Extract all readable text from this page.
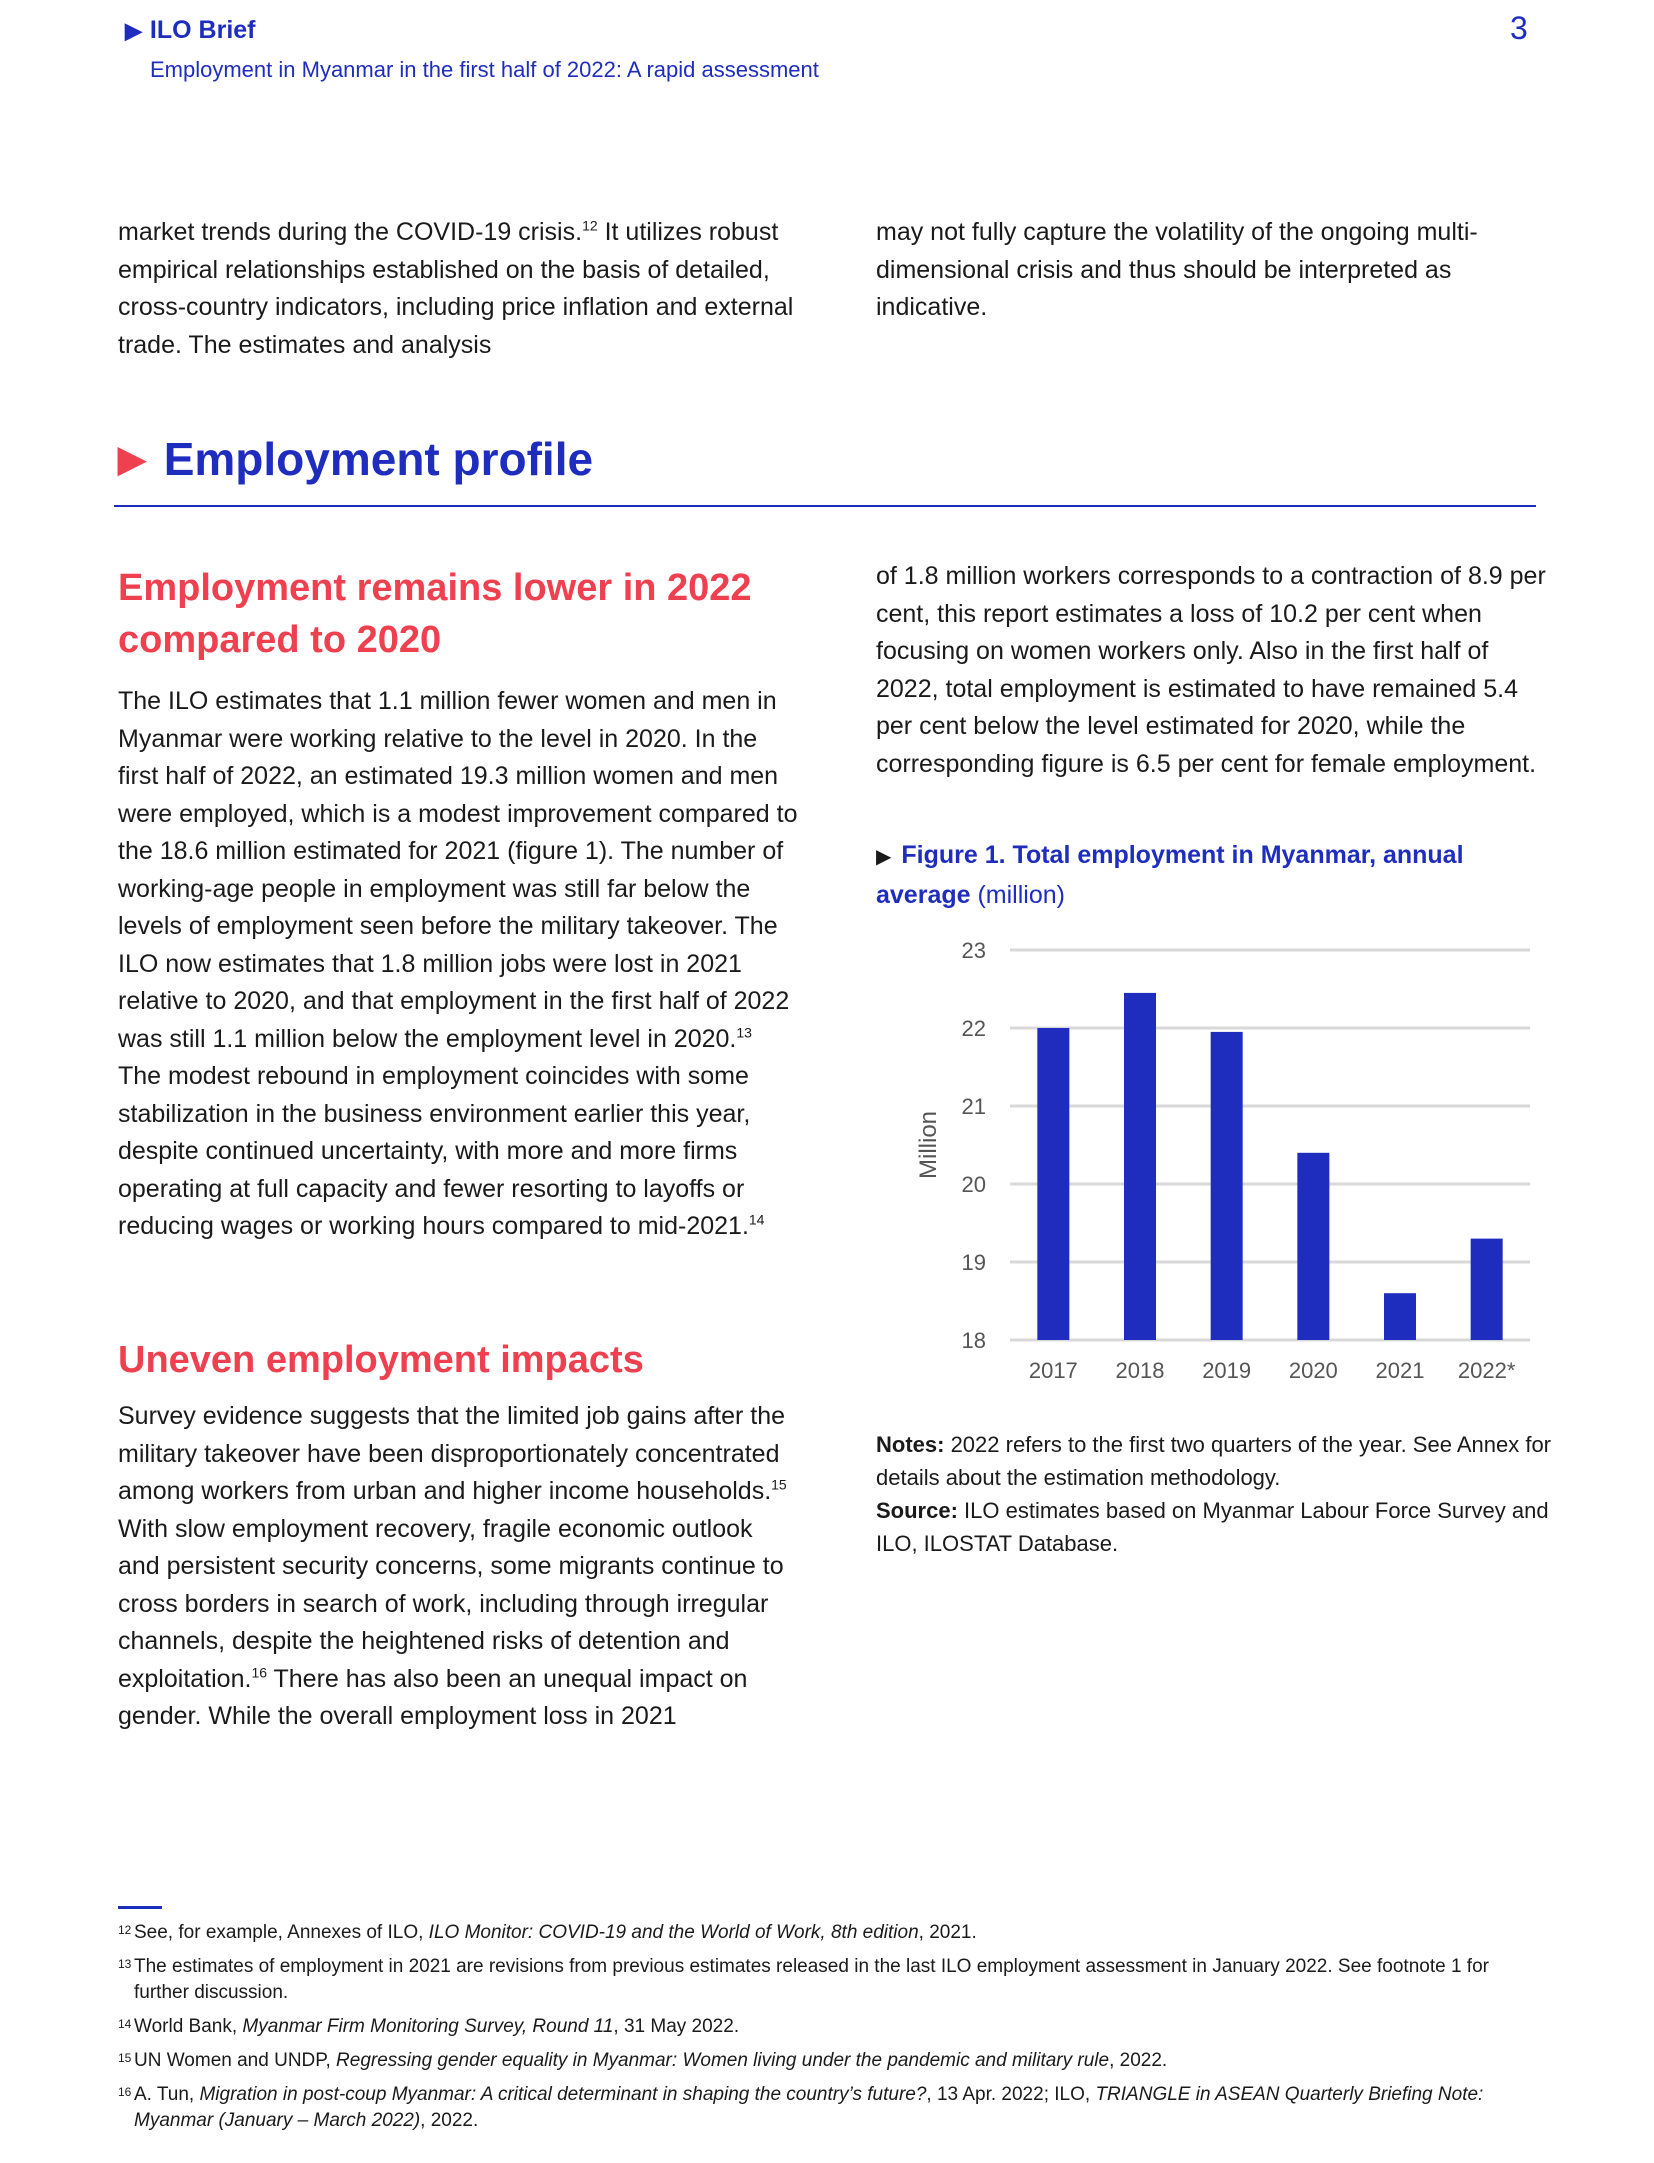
▶ ILO Brief
Employment in Myanmar in the first half of 2022: A rapid assessment
3
market trends during the COVID-19 crisis.$^{12}$ It utilizes robust empirical relationships established on the basis of detailed, cross-country indicators, including price inflation and external trade. The estimates and analysis
may not fully capture the volatility of the ongoing multi-dimensional crisis and thus should be interpreted as indicative.
▶ Employment profile
Employment remains lower in 2022 compared to 2020
The ILO estimates that 1.1 million fewer women and men in Myanmar were working relative to the level in 2020. In the first half of 2022, an estimated 19.3 million women and men were employed, which is a modest improvement compared to the 18.6 million estimated for 2021 (figure 1). The number of working-age people in employment was still far below the levels of employment seen before the military takeover. The ILO now estimates that 1.8 million jobs were lost in 2021 relative to 2020, and that employment in the first half of 2022 was still 1.1 million below the employment level in 2020.13 The modest rebound in employment coincides with some stabilization in the business environment earlier this year, despite continued uncertainty, with more and more firms operating at full capacity and fewer resorting to layoffs or reducing wages or working hours compared to mid-2021.14
Uneven employment impacts
Survey evidence suggests that the limited job gains after the military takeover have been disproportionately concentrated among workers from urban and higher income households.$^{15}$ With slow employment recovery, fragile economic outlook and persistent security concerns, some migrants continue to cross borders in search of work, including through irregular channels, despite the heightened risks of detention and exploitation.$^{16}$ There has also been an unequal impact on gender. While the overall employment loss in 2021
of 1.8 million workers corresponds to a contraction of 8.9 per cent, this report estimates a loss of 10.2 per cent when focusing on women workers only. Also in the first half of 2022, total employment is estimated to have remained 5.4 per cent below the level estimated for 2020, while the corresponding figure is 6.5 per cent for female employment.
▶ Figure 1. Total employment in Myanmar, annual average (million)
18
19
20
21
22
23
2017 2018 2019 2020 2021 2022*
Million
Notes: 2022 refers to the first two quarters of the year. See Annex for details about the estimation methodology.
Source: ILO estimates based on Myanmar Labour Force Survey and ILO, ILOSTAT Database.
12 See, for example, Annexes of ILO, ILO Monitor: COVID-19 and the World of Work, 8th edition, 2021.
13 The estimates of employment in 2021 are revisions from previous estimates released in the last ILO employment assessment in January 2022. See footnote 1 for further discussion.
14 World Bank, Myanmar Firm Monitoring Survey, Round 11, 31 May 2022.
15 UN Women and UNDP, Regressing gender equality in Myanmar: Women living under the pandemic and military rule, 2022.
16 A. Tun, Migration in post-coup Myanmar: A critical determinant in shaping the country’s future?, 13 Apr. 2022; ILO, TRIANGLE in ASEAN Quarterly Briefing Note: Myanmar (January – March 2022), 2022.
